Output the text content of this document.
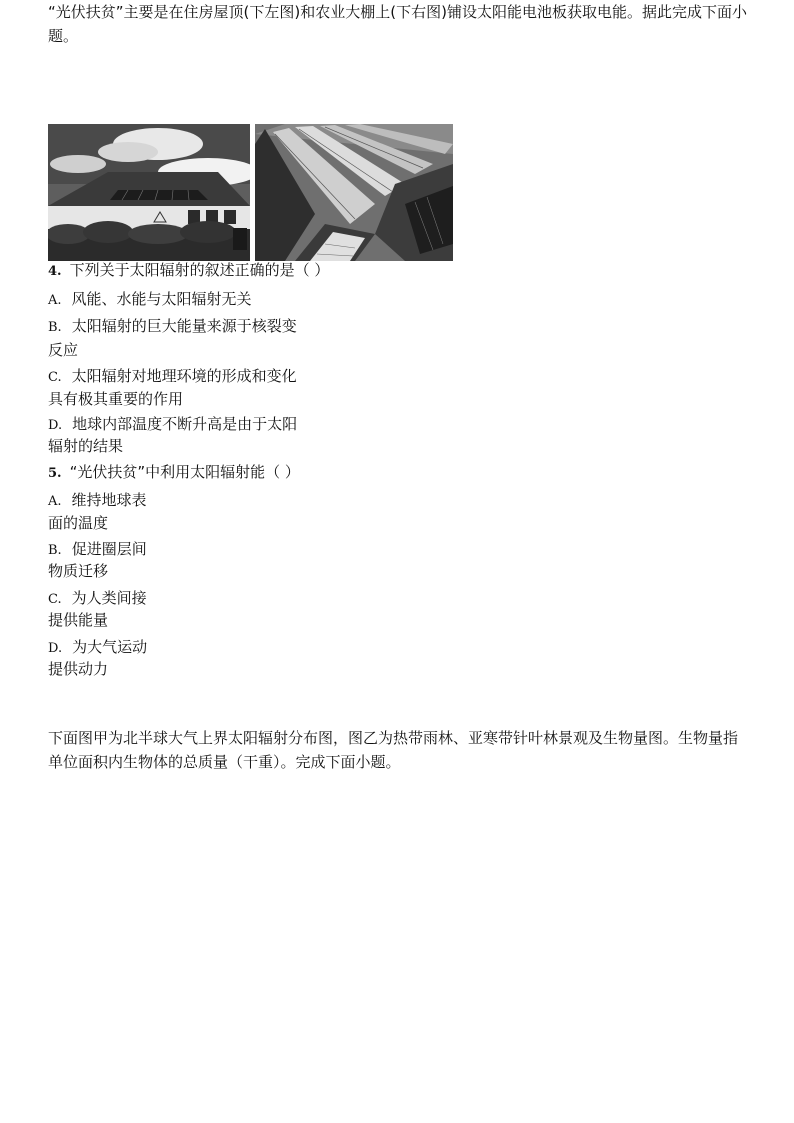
“光伏扶贫”主要是在住房屋顶(下左图)和农业大棚上(下右图)铺设太阳能电池板获取电能。据此完成下面小题。
4. 下列关于太阳辐射的叙述正确的是（ ）
A. 风能、水能与太阳辐射无关
B. 太阳辐射的巨大能量来源于核裂变
反应
C. 太阳辐射对地理环境的形成和变化
具有极其重要的作用
D. 地球内部温度不断升高是由于太阳
辐射的结果
5. “光伏扶贫”中利用太阳辐射能（ ）
A. 维持地球表
面的温度
B. 促进圈层间
物质迁移
C. 为人类间接
提供能量
D. 为大气运动
提供动力
下面图甲为北半球大气上界太阳辐射分布图，图乙为热带雨林、亚寒带针叶林景观及生物量图。生物量指单位面积内生物体的总质量（干重）。完成下面小题。
